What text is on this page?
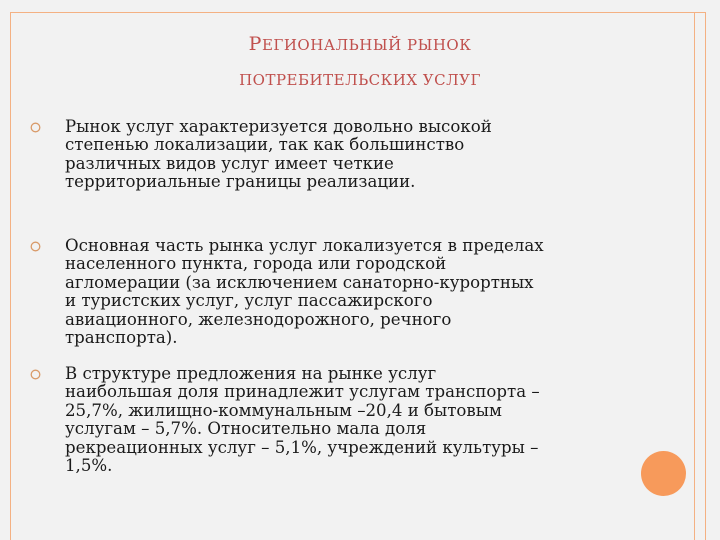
РЕГИОНАЛЬНЫЙ РЫНОК
ПОТРЕБИТЕЛЬСКИХ УСЛУГ
Рынок услуг характеризуется довольно высокой
степенью локализации, так как большинство
различных видов услуг имеет четкие
территориальные границы реализации.
Основная часть рынка услуг локализуется в пределах
населенного пункта, города или городской
агломерации (за исключением санаторно-курортных
и туристских услуг, услуг пассажирского
авиационного, железнодорожного, речного
транспорта).
В структуре предложения на рынке услуг
наибольшая доля принадлежит услугам транспорта –
25,7%, жилищно-коммунальным –20,4 и бытовым
услугам – 5,7%. Относительно мала доля
рекреационных услуг – 5,1%, учреждений культуры –
1,5%.
